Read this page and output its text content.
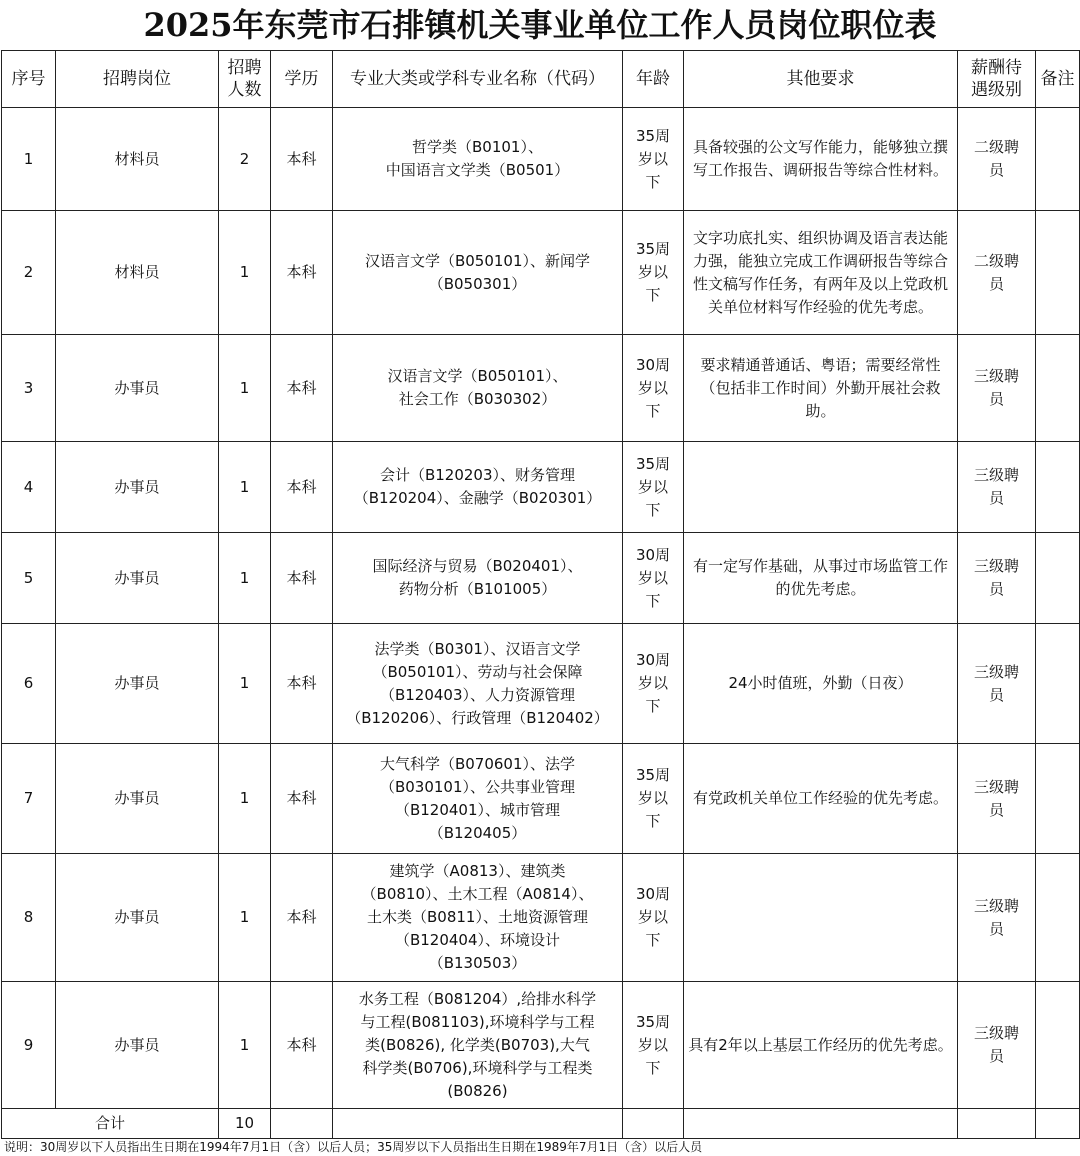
2025年东莞市石排镇机关事业单位工作人员岗位职位表
序号	招聘岗位	招聘 人数	学历	专业大类或学科专业名称（代码）	年龄	其他要求	薪酬待 遇级别	备注
1	材料员	2	本科	哲学类（B0101）、
中国语言文学类（B0501）	35周
岁以
下	具备较强的公文写作能力，能够独立撰写工作报告、调研报告等综合性材料。	二级聘
员	
2	材料员	1	本科	汉语言文学（B050101）、新闻学
（B050301）	35周
岁以
下	文字功底扎实、组织协调及语言表达能力强，能独立完成工作调研报告等综合性文稿写作任务，有两年及以上党政机关单位材料写作经验的优先考虑。	二级聘
员	
3	办事员	1	本科	汉语言文学（B050101）、
社会工作（B030302）	30周
岁以
下	要求精通普通话、粤语；需要经常性（包括非工作时间）外勤开展社会救助。	三级聘
员	
4	办事员	1	本科	会计（B120203）、财务管理
（B120204）、金融学（B020301）	35周
岁以
下		三级聘
员	
5	办事员	1	本科	国际经济与贸易（B020401）、
药物分析（B101005）	30周
岁以
下	有一定写作基础，从事过市场监管工作的优先考虑。	三级聘
员	
6	办事员	1	本科	法学类（B0301）、汉语言文学
（B050101）、劳动与社会保障
（B120403）、人力资源管理
（B120206）、行政管理（B120402）	30周
岁以
下	24小时值班，外勤（日夜）	三级聘
员	
7	办事员	1	本科	大气科学（B070601）、法学
（B030101）、公共事业管理
（B120401）、城市管理
（B120405）	35周
岁以
下	有党政机关单位工作经验的优先考虑。	三级聘
员	
8	办事员	1	本科	建筑学（A0813）、建筑类
（B0810）、土木工程（A0814）、
土木类（B0811）、土地资源管理
（B120404）、环境设计
（B130503）	30周
岁以
下		三级聘
员	
9	办事员	1	本科	水务工程（B081204）,给排水科学
与工程(B081103),环境科学与工程
类(B0826), 化学类(B0703),大气
科学类(B0706),环境科学与工程类
(B0826)	35周
岁以
下	具有2年以上基层工作经历的优先考虑。	三级聘
员	
合计		10						
说明：30周岁以下人员指出生日期在1994年7月1日（含）以后人员；35周岁以下人员指出生日期在1989年7月1日（含）以后人员
